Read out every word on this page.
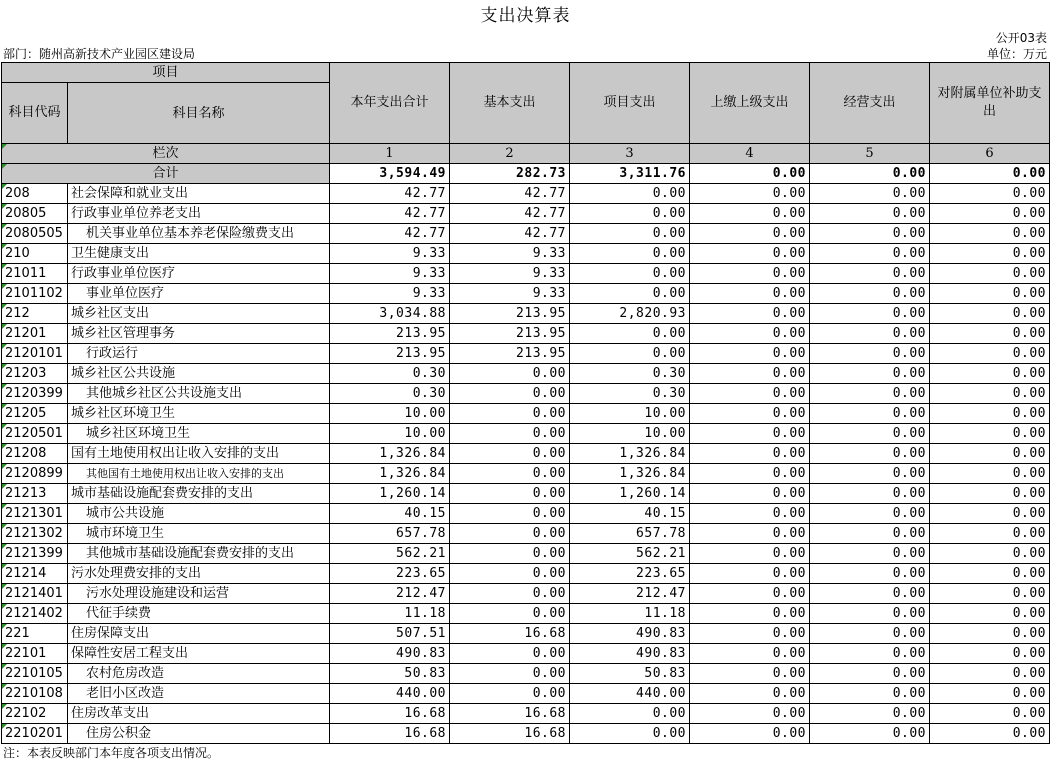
支出决算表
公开03表
部门：随州高新技术产业园区建设局	单位：万元
项目		本年支出合计	基本支出	项目支出	上缴上级支出	经营支出	对附属单位补助支出
科目代码	科目名称						
栏次		1	2	3	4	5	6
合计		3,594.49	282.73	3,311.76	0.00	0.00	0.00
208	社会保障和就业支出	42.77	42.77	0.00	0.00	0.00	0.00
20805	行政事业单位养老支出	42.77	42.77	0.00	0.00	0.00	0.00
2080505	机关事业单位基本养老保险缴费支出	42.77	42.77	0.00	0.00	0.00	0.00
210	卫生健康支出	9.33	9.33	0.00	0.00	0.00	0.00
21011	行政事业单位医疗	9.33	9.33	0.00	0.00	0.00	0.00
2101102	事业单位医疗	9.33	9.33	0.00	0.00	0.00	0.00
212	城乡社区支出	3,034.88	213.95	2,820.93	0.00	0.00	0.00
21201	城乡社区管理事务	213.95	213.95	0.00	0.00	0.00	0.00
2120101	行政运行	213.95	213.95	0.00	0.00	0.00	0.00
21203	城乡社区公共设施	0.30	0.00	0.30	0.00	0.00	0.00
2120399	其他城乡社区公共设施支出	0.30	0.00	0.30	0.00	0.00	0.00
21205	城乡社区环境卫生	10.00	0.00	10.00	0.00	0.00	0.00
2120501	城乡社区环境卫生	10.00	0.00	10.00	0.00	0.00	0.00
21208	国有土地使用权出让收入安排的支出	1,326.84	0.00	1,326.84	0.00	0.00	0.00
2120899	其他国有土地使用权出让收入安排的支出	1,326.84	0.00	1,326.84	0.00	0.00	0.00
21213	城市基础设施配套费安排的支出	1,260.14	0.00	1,260.14	0.00	0.00	0.00
2121301	城市公共设施	40.15	0.00	40.15	0.00	0.00	0.00
2121302	城市环境卫生	657.78	0.00	657.78	0.00	0.00	0.00
2121399	其他城市基础设施配套费安排的支出	562.21	0.00	562.21	0.00	0.00	0.00
21214	污水处理费安排的支出	223.65	0.00	223.65	0.00	0.00	0.00
2121401	污水处理设施建设和运营	212.47	0.00	212.47	0.00	0.00	0.00
2121402	代征手续费	11.18	0.00	11.18	0.00	0.00	0.00
221	住房保障支出	507.51	16.68	490.83	0.00	0.00	0.00
22101	保障性安居工程支出	490.83	0.00	490.83	0.00	0.00	0.00
2210105	农村危房改造	50.83	0.00	50.83	0.00	0.00	0.00
2210108	老旧小区改造	440.00	0.00	440.00	0.00	0.00	0.00
22102	住房改革支出	16.68	16.68	0.00	0.00	0.00	0.00
2210201	住房公积金	16.68	16.68	0.00	0.00	0.00	0.00
注：本表反映部门本年度各项支出情况。
